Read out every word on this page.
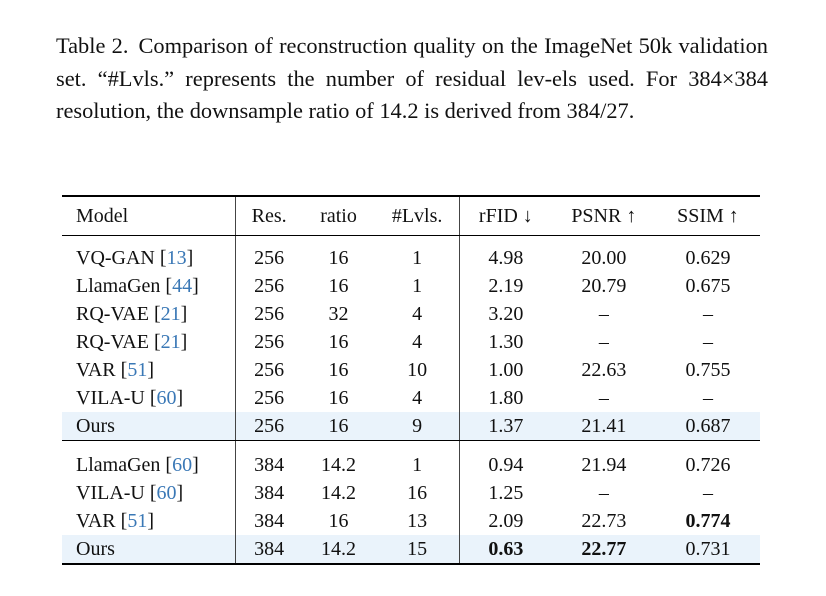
Table 2. Comparison of reconstruction quality on the ImageNet 50k validation set. “#Lvls.” represents the number of residual lev-els used. For 384×384 resolution, the downsample ratio of 14.2 is derived from 384/27.

Model	Res.	ratio	#Lvls.	rFID ↓	PSNR ↑	SSIM ↑
VQ-GAN [13]	256	16	1	4.98	20.00	0.629
LlamaGen [44]	256	16	1	2.19	20.79	0.675
RQ-VAE [21]	256	32	4	3.20	–	–
RQ-VAE [21]	256	16	4	1.30	–	–
VAR [51]	256	16	10	1.00	22.63	0.755
VILA-U [60]	256	16	4	1.80	–	–
Ours	256	16	9	1.37	21.41	0.687
LlamaGen [60]	384	14.2	1	0.94	21.94	0.726
VILA-U [60]	384	14.2	16	1.25	–	–
VAR [51]	384	16	13	2.09	22.73	0.774
Ours	384	14.2	15	0.63	22.77	0.731
